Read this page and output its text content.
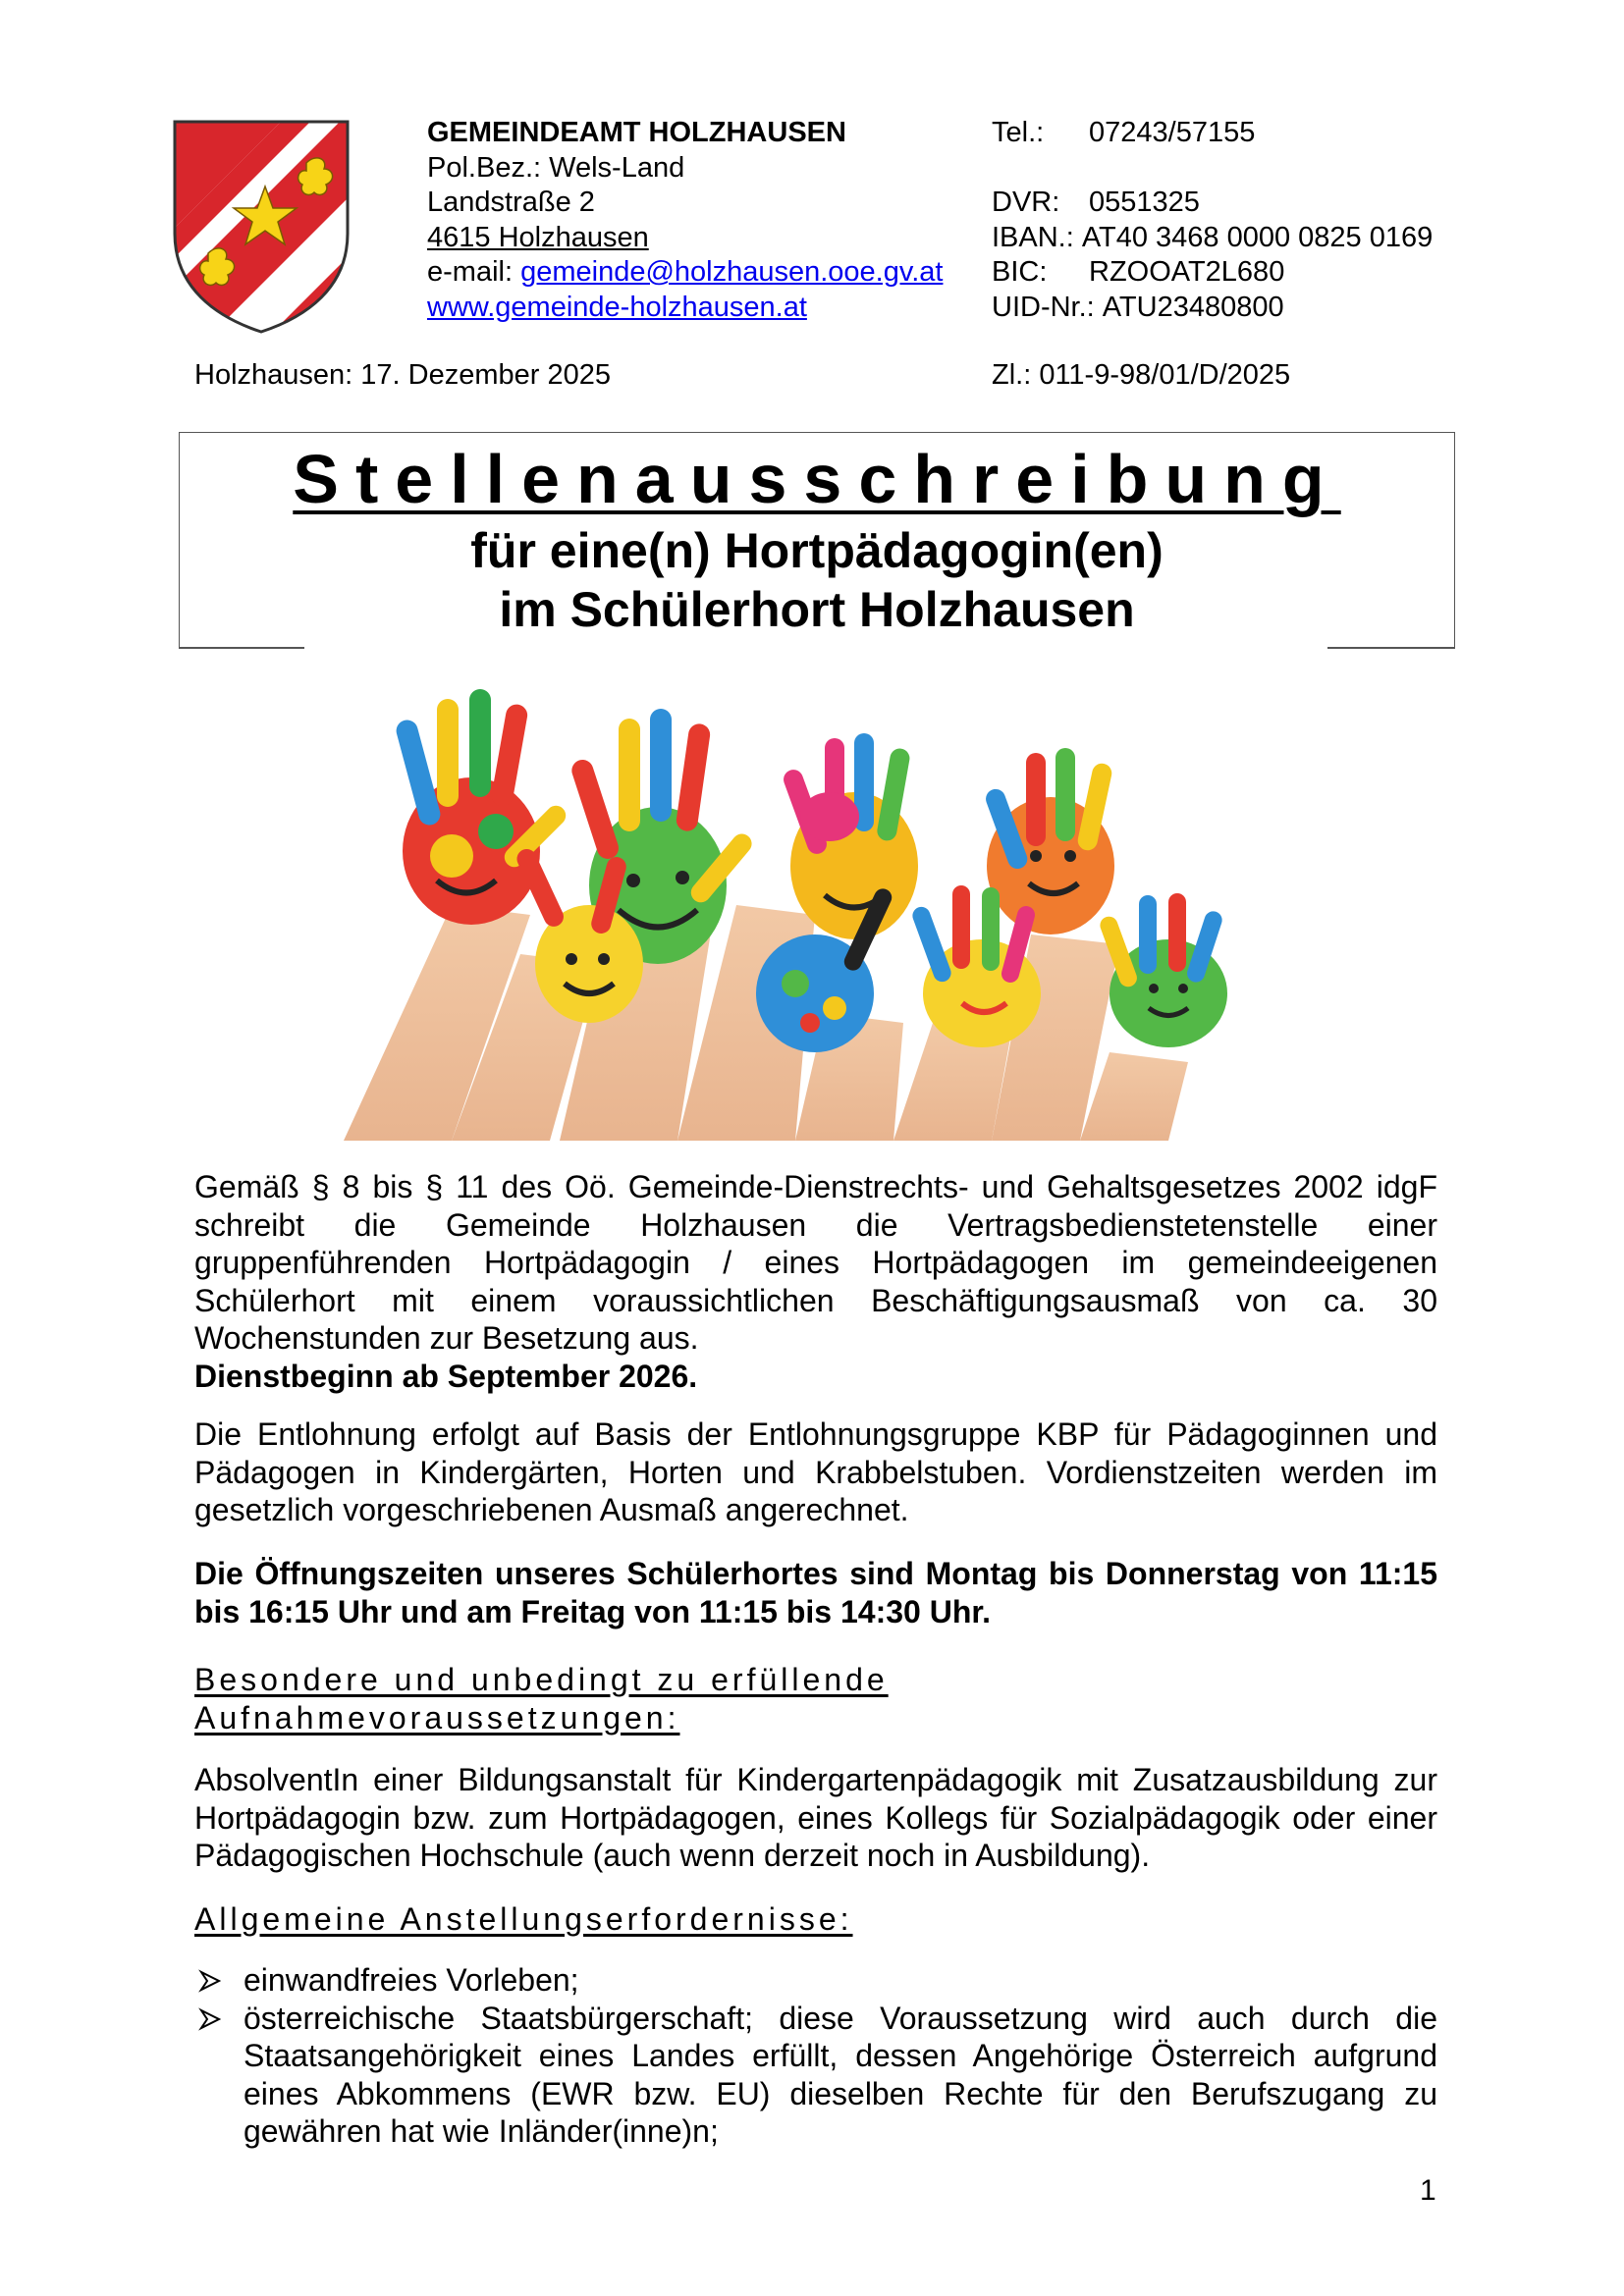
GEMEINDEAMT HOLZHAUSEN
Pol.Bez.: Wels-Land
Landstraße 2
4615 Holzhausen
e-mail: gemeinde@holzhausen.ooe.gv.at
www.gemeinde-holzhausen.at
Tel.:	07243/57155
DVR:	0551325
IBAN.: AT40 3468 0000 0825 0169
BIC:	RZOOAT2L680
UID-Nr.: ATU23480800
Holzhausen: 17. Dezember 2025	Zl.: 011-9-98/01/D/2025
Stellenausschreibung
für eine(n) Hortpädagogin(en)
im Schülerhort Holzhausen
Gemäß § 8 bis § 11 des Oö. Gemeinde-Dienstrechts- und Gehaltsgesetzes 2002 idgF schreibt die Gemeinde Holzhausen die Vertragsbedienstetenstelle einer gruppenführenden Hortpädagogin / eines Hortpädagogen im gemeindeeigenen Schülerhort mit einem voraussichtlichen Beschäftigungsausmaß von ca. 30 Wochenstunden zur Besetzung aus.
Dienstbeginn ab September 2026.
Die Entlohnung erfolgt auf Basis der Entlohnungsgruppe KBP für Pädagoginnen und Pädagogen in Kindergärten, Horten und Krabbelstuben. Vordienstzeiten werden im gesetzlich vorgeschriebenen Ausmaß angerechnet.
Die Öffnungszeiten unseres Schülerhortes sind Montag bis Donnerstag von 11:15 bis 16:15 Uhr und am Freitag von 11:15 bis 14:30 Uhr.
Besondere und unbedingt zu erfüllende
Aufnahmevoraussetzungen:
AbsolventIn einer Bildungsanstalt für Kindergartenpädagogik mit Zusatzausbildung zur Hortpädagogin bzw. zum Hortpädagogen, eines Kollegs für Sozialpädagogik oder einer Pädagogischen Hochschule (auch wenn derzeit noch in Ausbildung).
Allgemeine Anstellungserfordernisse:
einwandfreies Vorleben;
österreichische Staatsbürgerschaft; diese Voraussetzung wird auch durch die Staatsangehörigkeit eines Landes erfüllt, dessen Angehörige Österreich aufgrund eines Abkommens (EWR bzw. EU) dieselben Rechte für den Berufszugang zu gewähren hat wie Inländer(inne)n;
1
